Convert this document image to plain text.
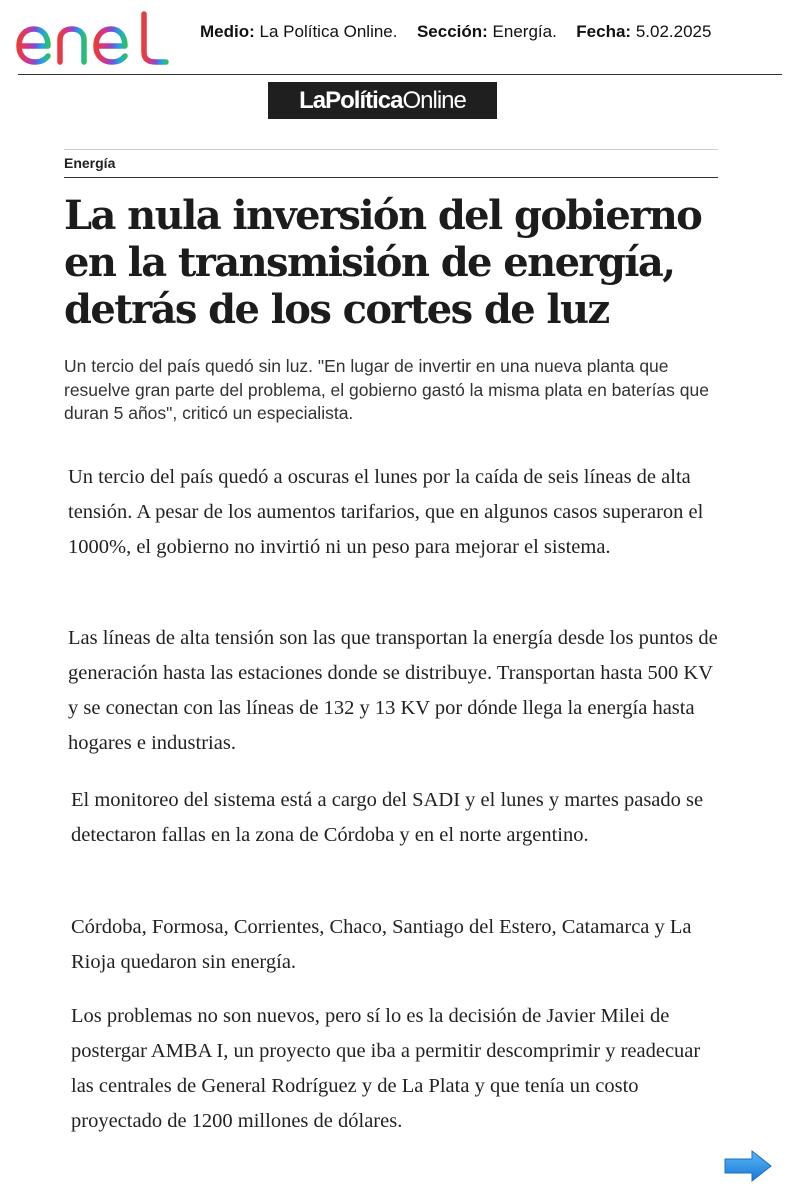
Medio: La Política Online. Sección: Energía. Fecha: 5.02.2025
LaPolítica Online
Energía
La nula inversión del gobierno en la transmisión de energía, detrás de los cortes de luz

Un tercio del país quedó sin luz. "En lugar de invertir en una nueva planta que resuelve gran parte del problema, el gobierno gastó la misma plata en baterías que duran 5 años", criticó un especialista.

Un tercio del país quedó a oscuras el lunes por la caída de seis líneas de alta tensión. A pesar de los aumentos tarifarios, que en algunos casos superaron el 1000%, el gobierno no invirtió ni un peso para mejorar el sistema.

Las líneas de alta tensión son las que transportan la energía desde los puntos de generación hasta las estaciones donde se distribuye. Transportan hasta 500 KV y se conectan con las líneas de 132 y 13 KV por dónde llega la energía hasta hogares e industrias.

El monitoreo del sistema está a cargo del SADI y el lunes y martes pasado se detectaron fallas en la zona de Córdoba y en el norte argentino.

Córdoba, Formosa, Corrientes, Chaco, Santiago del Estero, Catamarca y La Rioja quedaron sin energía.

Los problemas no son nuevos, pero sí lo es la decisión de Javier Milei de postergar AMBA I, un proyecto que iba a permitir descomprimir y readecuar las centrales de General Rodríguez y de La Plata y que tenía un costo proyectado de 1200 millones de dólares.
